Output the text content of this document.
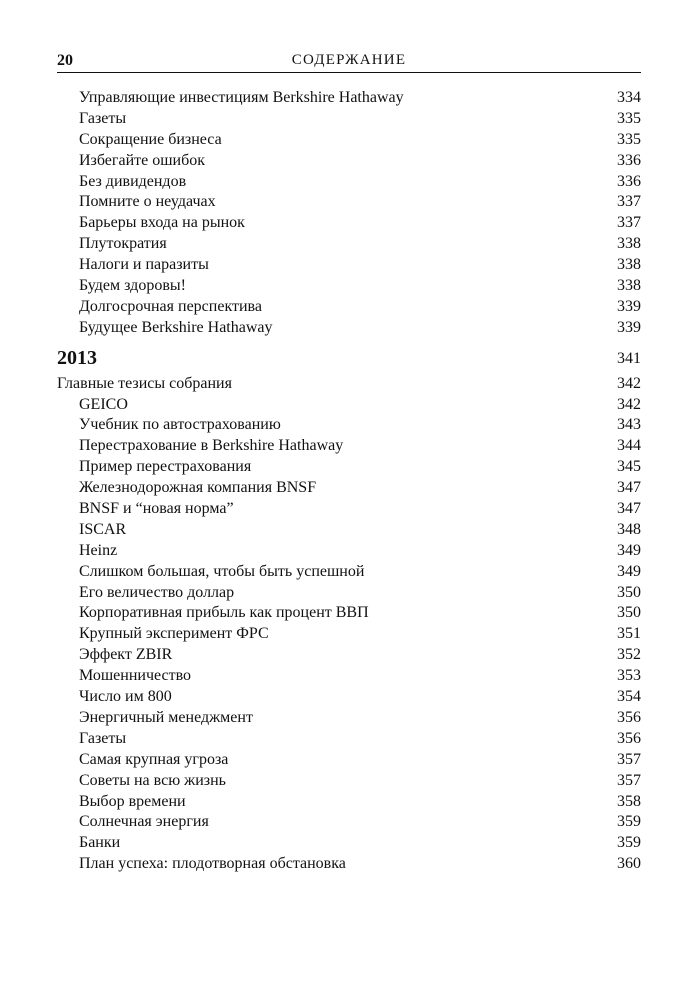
20	СОДЕРЖАНИЕ
Управляющие инвестициям Berkshire Hathaway	334
Газеты	335
Сокращение бизнеса	335
Избегайте ошибок	336
Без дивидендов	336
Помните о неудачах	337
Барьеры входа на рынок	337
Плутократия	338
Налоги и паразиты	338
Будем здоровы!	338
Долгосрочная перспектива	339
Будущее Berkshire Hathaway	339
2013	341
Главные тезисы собрания	342
GEICO	342
Учебник по автострахованию	343
Перестрахование в Berkshire Hathaway	344
Пример перестрахования	345
Железнодорожная компания BNSF	347
BNSF и “новая норма”	347
ISCAR	348
Heinz	349
Слишком большая, чтобы быть успешной	349
Его величество доллар	350
Корпоративная прибыль как процент ВВП	350
Крупный эксперимент ФРС	351
Эффект ZBIR	352
Мошенничество	353
Число им 800	354
Энергичный менеджмент	356
Газеты	356
Самая крупная угроза	357
Советы на всю жизнь	357
Выбор времени	358
Солнечная энергия	359
Банки	359
План успеха: плодотворная обстановка	360
